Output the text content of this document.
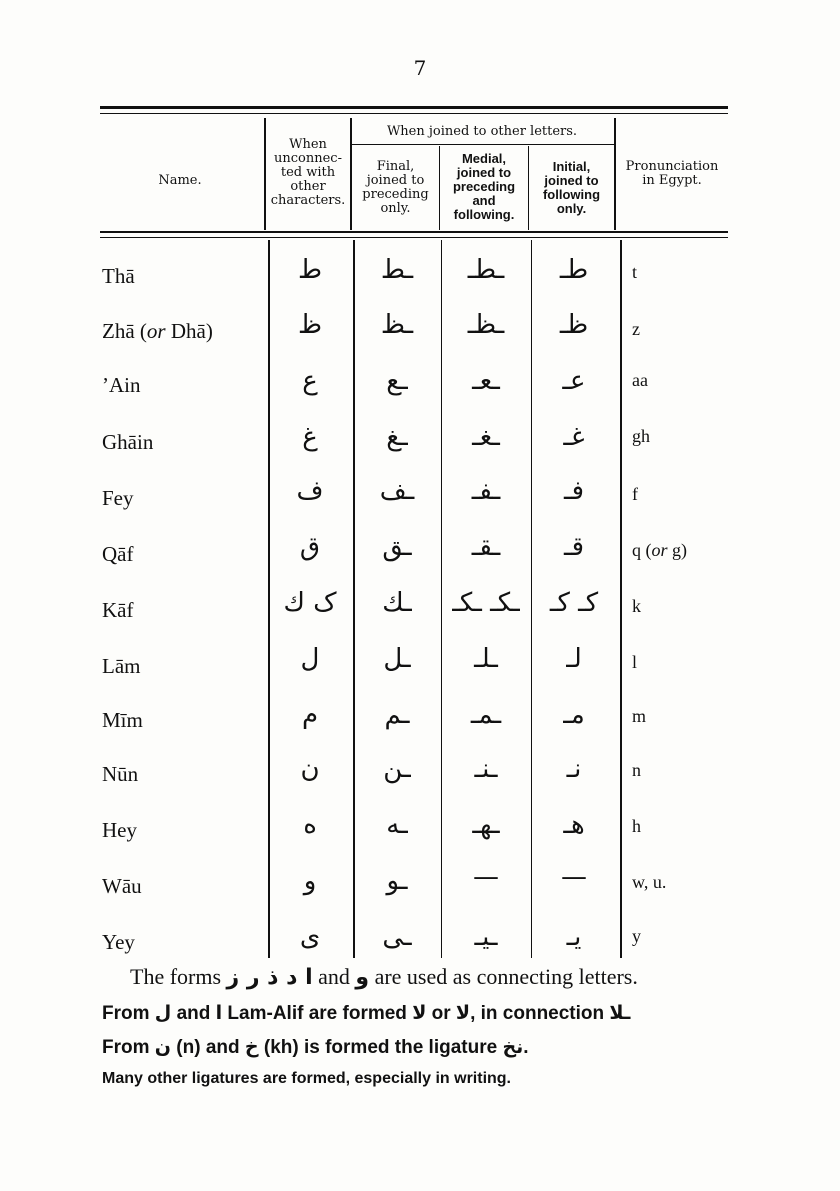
7
Name.
When
unconnec-
ted with
other
characters.
When joined to other letters.
Final,
joined to
preceding
only.
Medial,
joined to
preceding
and
following.
Initial,
joined to
following
only.
Pronunciation
in Egypt.
Thā	ط	ـط	ـطـ	طـ	t
Zhā (or Dhā)	ظ	ـظ	ـظـ	ظـ	z
’Ain	ع	ـع	ـعـ	عـ	aa
Ghāin	غ	ـغ	ـغـ	غـ	gh
Fey	ف	ـف	ـفـ	فـ	f
Qāf	ق	ـق	ـقـ	قـ	q (or g)
Kāf	ک ك	ـك	ـکـ ـكـ	کـ كـ	k
Lām	ل	ـل	ـلـ	لـ	l
Mīm	م	ـم	ـمـ	مـ	m
Nūn	ن	ـن	ـنـ	نـ	n
Hey	ه	ـه	ـهـ	هـ	h
Wāu	و	ـو	—	—	w, u.
Yey	ى	ـى	ـيـ	يـ	y
The forms ا د ذ ر ز and و are used as connecting letters.
From ل and ا Lam-Alif are formed لا or لا, in connection ـلا
From ن (n) and خ (kh) is formed the ligature نخ.
Many other ligatures are formed, especially in writing.
